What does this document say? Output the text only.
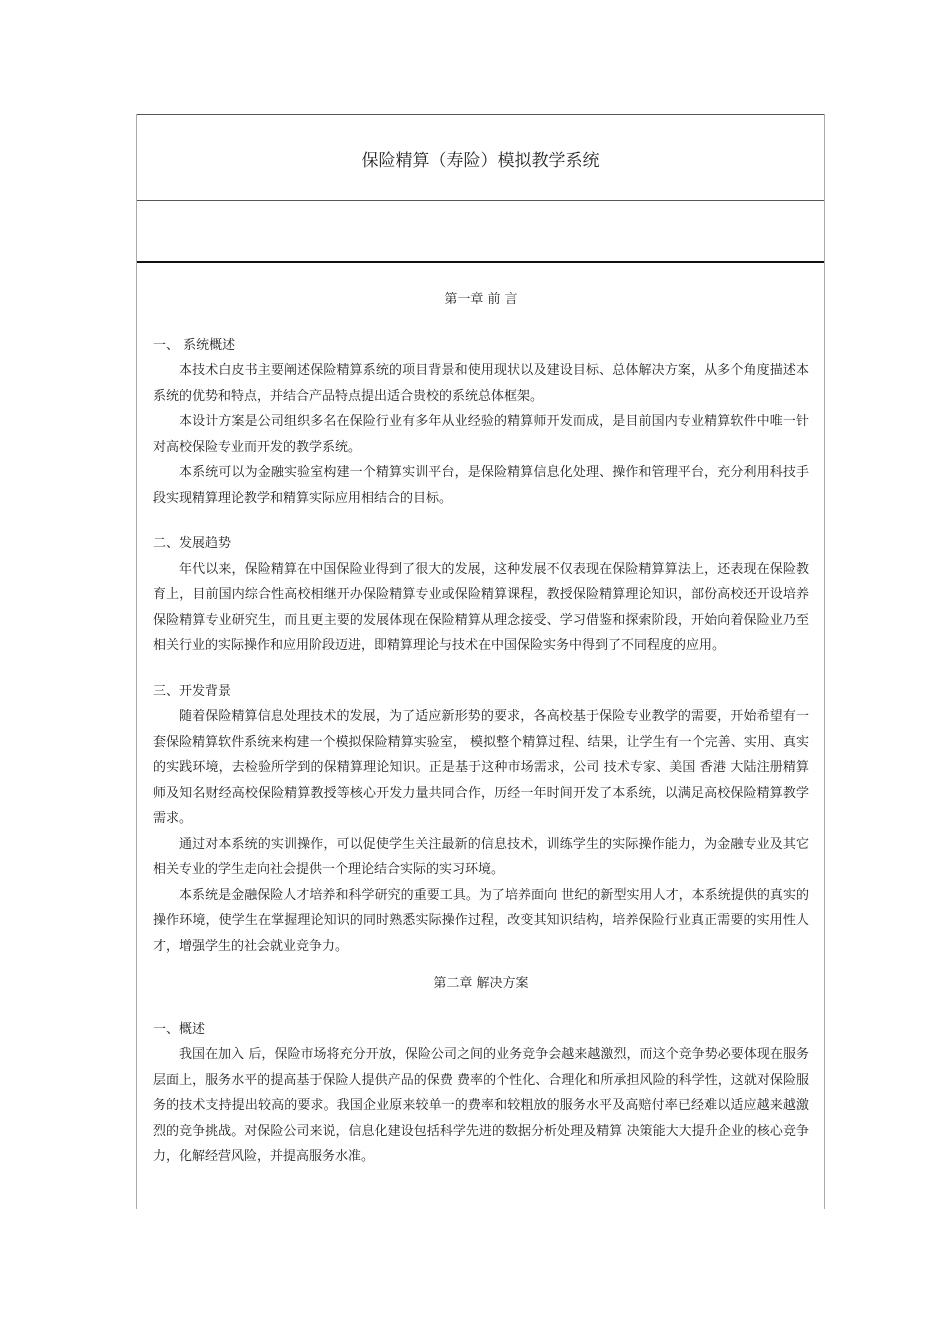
保险精算（寿险）模拟教学系统

第一章 前 言

一、 系统概述

本技术白皮书主要阐述保险精算系统的项目背景和使用现状以及建设目标、总体解决方案，从多个角度描述本系统的优势和特点，并结合产品特点提出适合贵校的系统总体框架。

本设计方案是公司组织多名在保险行业有多年从业经验的精算师开发而成，是目前国内专业精算软件中唯一针对高校保险专业而开发的教学系统。

本系统可以为金融实验室构建一个精算实训平台，是保险精算信息化处理、操作和管理平台，充分利用科技手段实现精算理论教学和精算实际应用相结合的目标。

二、发展趋势

年代以来，保险精算在中国保险业得到了很大的发展，这种发展不仅表现在保险精算算法上，还表现在保险教育上，目前国内综合性高校相继开办保险精算专业或保险精算课程，教授保险精算理论知识，部份高校还开设培养保险精算专业研究生，而且更主要的发展体现在保险精算从理念接受、学习借鉴和探索阶段，开始向着保险业乃至相关行业的实际操作和应用阶段迈进，即精算理论与技术在中国保险实务中得到了不同程度的应用。

三、开发背景

随着保险精算信息处理技术的发展，为了适应新形势的要求，各高校基于保险专业教学的需要，开始希望有一套保险精算软件系统来构建一个模拟保险精算实验室， 模拟整个精算过程、结果，让学生有一个完善、实用、真实的实践环境，去检验所学到的保精算理论知识。正是基于这种市场需求，公司 技术专家、美国 香港 大陆注册精算师及知名财经高校保险精算教授等核心开发力量共同合作，历经一年时间开发了本系统，以满足高校保险精算教学需求。

通过对本系统的实训操作，可以促使学生关注最新的信息技术，训练学生的实际操作能力，为金融专业及其它相关专业的学生走向社会提供一个理论结合实际的实习环境。

本系统是金融保险人才培养和科学研究的重要工具。为了培养面向 世纪的新型实用人才，本系统提供的真实的操作环境，使学生在掌握理论知识的同时熟悉实际操作过程，改变其知识结构，培养保险行业真正需要的实用性人才，增强学生的社会就业竞争力。

第二章 解决方案

一、概述

我国在加入 后，保险市场将充分开放，保险公司之间的业务竞争会越来越激烈，而这个竞争势必要体现在服务层面上，服务水平的提高基于保险人提供产品的保费 费率的个性化、合理化和所承担风险的科学性，这就对保险服务的技术支持提出较高的要求。我国企业原来较单一的费率和较粗放的服务水平及高赔付率已经难以适应越来越激烈的竞争挑战。对保险公司来说，信息化建设包括科学先进的数据分析处理及精算 决策能大大提升企业的核心竞争力，化解经营风险，并提高服务水准。
